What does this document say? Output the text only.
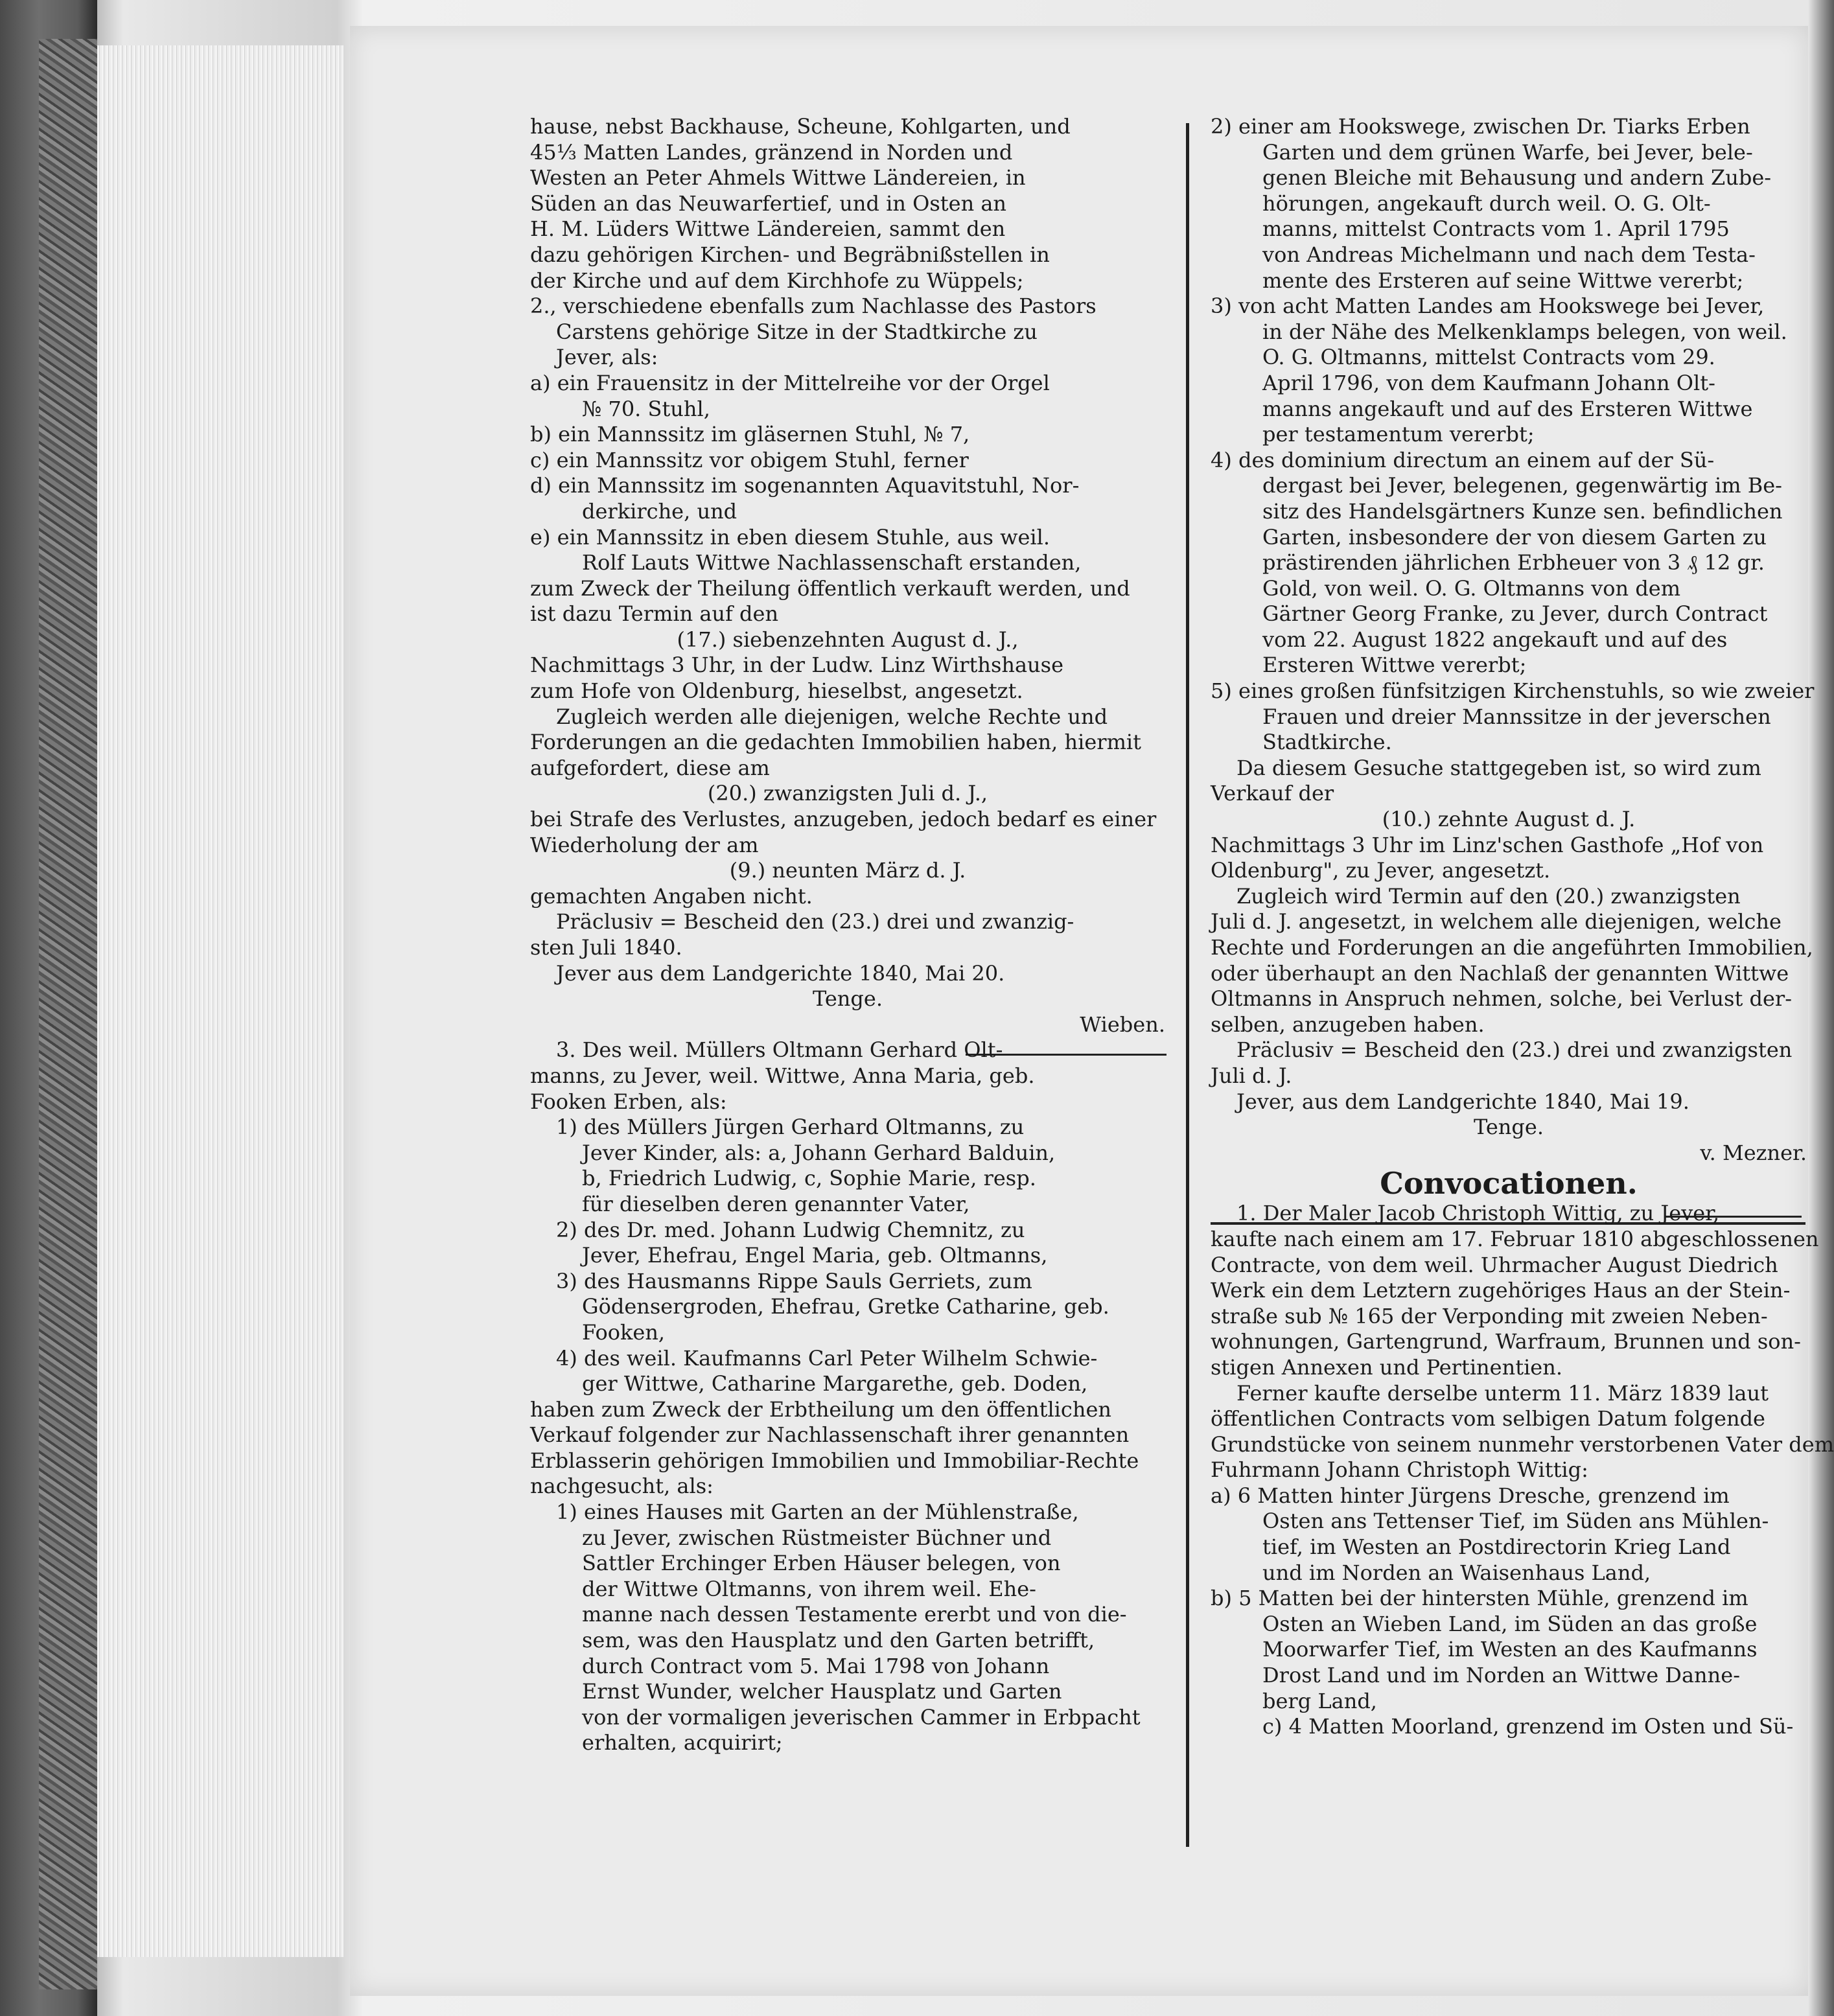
hause, nebst Backhause, Scheune, Kohlgarten, und
45⅓ Matten Landes, gränzend in Norden und
Westen an Peter Ahmels Wittwe Ländereien, in
Süden an das Neuwarfertief, und in Osten an
H. M. Lüders Wittwe Ländereien, sammt den
dazu gehörigen Kirchen- und Begräbnißstellen in
der Kirche und auf dem Kirchhofe zu Wüppels;
2., verschiedene ebenfalls zum Nachlasse des Pastors
Carstens gehörige Sitze in der Stadtkirche zu
Jever, als:
a) ein Frauensitz in der Mittelreihe vor der Orgel
№ 70. Stuhl,
b) ein Mannssitz im gläsernen Stuhl, № 7,
c) ein Mannssitz vor obigem Stuhl, ferner
d) ein Mannssitz im sogenannten Aquavitstuhl, Nor-
derkirche, und
e) ein Mannssitz in eben diesem Stuhle, aus weil.
Rolf Lauts Wittwe Nachlassenschaft erstanden,
zum Zweck der Theilung öffentlich verkauft werden, und
ist dazu Termin auf den
(17.) siebenzehnten August d. J.,
Nachmittags 3 Uhr, in der Ludw. Linz Wirthshause
zum Hofe von Oldenburg, hieselbst, angesetzt.
Zugleich werden alle diejenigen, welche Rechte und
Forderungen an die gedachten Immobilien haben, hiermit
aufgefordert, diese am
(20.) zwanzigsten Juli d. J.,
bei Strafe des Verlustes, anzugeben, jedoch bedarf es einer
Wiederholung der am
(9.) neunten März d. J.
gemachten Angaben nicht.
Präclusiv = Bescheid den (23.) drei und zwanzig-
sten Juli 1840.
Jever aus dem Landgerichte 1840, Mai 20.
Tenge.
Wieben.
3. Des weil. Müllers Oltmann Gerhard Olt-
manns, zu Jever, weil. Wittwe, Anna Maria, geb.
Fooken Erben, als:
1) des Müllers Jürgen Gerhard Oltmanns, zu
Jever Kinder, als: a, Johann Gerhard Balduin,
b, Friedrich Ludwig, c, Sophie Marie, resp.
für dieselben deren genannter Vater,
2) des Dr. med. Johann Ludwig Chemnitz, zu
Jever, Ehefrau, Engel Maria, geb. Oltmanns,
3) des Hausmanns Rippe Sauls Gerriets, zum
Gödensergroden, Ehefrau, Gretke Catharine, geb.
Fooken,
4) des weil. Kaufmanns Carl Peter Wilhelm Schwie-
ger Wittwe, Catharine Margarethe, geb. Doden,
haben zum Zweck der Erbtheilung um den öffentlichen
Verkauf folgender zur Nachlassenschaft ihrer genannten
Erblasserin gehörigen Immobilien und Immobiliar-Rechte
nachgesucht, als:
1) eines Hauses mit Garten an der Mühlenstraße,
zu Jever, zwischen Rüstmeister Büchner und
Sattler Erchinger Erben Häuser belegen, von
der Wittwe Oltmanns, von ihrem weil. Ehe-
manne nach dessen Testamente ererbt und von die-
sem, was den Hausplatz und den Garten betrifft,
durch Contract vom 5. Mai 1798 von Johann
Ernst Wunder, welcher Hausplatz und Garten
von der vormaligen jeverischen Cammer in Erbpacht
erhalten, acquirirt;
2) einer am Hookswege, zwischen Dr. Tiarks Erben
Garten und dem grünen Warfe, bei Jever, bele-
genen Bleiche mit Behausung und andern Zube-
hörungen, angekauft durch weil. O. G. Olt-
manns, mittelst Contracts vom 1. April 1795
von Andreas Michelmann und nach dem Testa-
mente des Ersteren auf seine Wittwe vererbt;
3) von acht Matten Landes am Hookswege bei Jever,
in der Nähe des Melkenklamps belegen, von weil.
O. G. Oltmanns, mittelst Contracts vom 29.
April 1796, von dem Kaufmann Johann Olt-
manns angekauft und auf des Ersteren Wittwe
per testamentum vererbt;
4) des dominium directum an einem auf der Sü-
dergast bei Jever, belegenen, gegenwärtig im Be-
sitz des Handelsgärtners Kunze sen. befindlichen
Garten, insbesondere der von diesem Garten zu
prästirenden jährlichen Erbheuer von 3 ₰ 12 gr.
Gold, von weil. O. G. Oltmanns von dem
Gärtner Georg Franke, zu Jever, durch Contract
vom 22. August 1822 angekauft und auf des
Ersteren Wittwe vererbt;
5) eines großen fünfsitzigen Kirchenstuhls, so wie zweier
Frauen und dreier Mannssitze in der jeverschen
Stadtkirche.
Da diesem Gesuche stattgegeben ist, so wird zum
Verkauf der
(10.) zehnte August d. J.
Nachmittags 3 Uhr im Linz'schen Gasthofe „Hof von
Oldenburg", zu Jever, angesetzt.
Zugleich wird Termin auf den (20.) zwanzigsten
Juli d. J. angesetzt, in welchem alle diejenigen, welche
Rechte und Forderungen an die angeführten Immobilien,
oder überhaupt an den Nachlaß der genannten Wittwe
Oltmanns in Anspruch nehmen, solche, bei Verlust der-
selben, anzugeben haben.
Präclusiv = Bescheid den (23.) drei und zwanzigsten
Juli d. J.
Jever, aus dem Landgerichte 1840, Mai 19.
Tenge.
v. Mezner.
Convocationen.
1. Der Maler Jacob Christoph Wittig, zu Jever,
kaufte nach einem am 17. Februar 1810 abgeschlossenen
Contracte, von dem weil. Uhrmacher August Diedrich
Werk ein dem Letztern zugehöriges Haus an der Stein-
straße sub № 165 der Verponding mit zweien Neben-
wohnungen, Gartengrund, Warfraum, Brunnen und son-
stigen Annexen und Pertinentien.
Ferner kaufte derselbe unterm 11. März 1839 laut
öffentlichen Contracts vom selbigen Datum folgende
Grundstücke von seinem nunmehr verstorbenen Vater dem
Fuhrmann Johann Christoph Wittig:
a) 6 Matten hinter Jürgens Dresche, grenzend im
Osten ans Tettenser Tief, im Süden ans Mühlen-
tief, im Westen an Postdirectorin Krieg Land
und im Norden an Waisenhaus Land,
b) 5 Matten bei der hintersten Mühle, grenzend im
Osten an Wieben Land, im Süden an das große
Moorwarfer Tief, im Westen an des Kaufmanns
Drost Land und im Norden an Wittwe Danne-
berg Land,
c) 4 Matten Moorland, grenzend im Osten und Sü-
